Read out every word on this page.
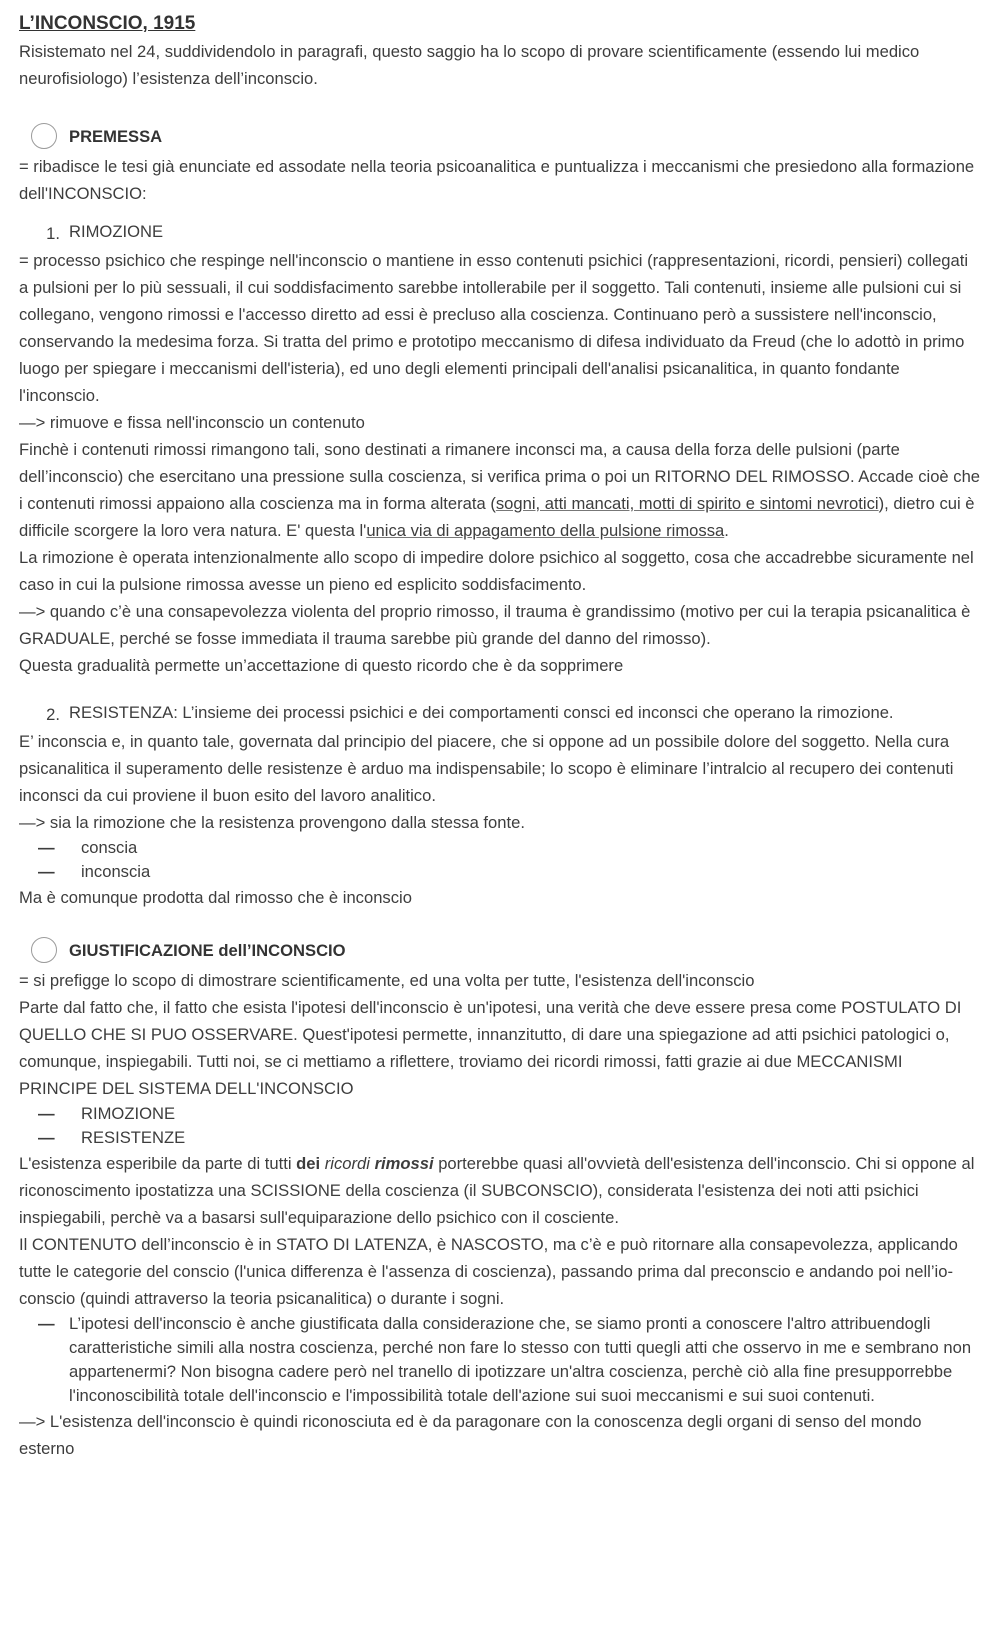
L’INCONSCIO, 1915

Risistemato nel 24, suddividendolo in paragrafi, questo saggio ha lo scopo di provare scientificamente (essendo lui medico neurofisiologo) l’esistenza dell’inconscio.

PREMESSA

= ribadisce le tesi già enunciate ed assodate nella teoria psicoanalitica e puntualizza i meccanismi che presiedono alla formazione dell'INCONSCIO:

1. RIMOZIONE

= processo psichico che respinge nell'inconscio o mantiene in esso contenuti psichici (rappresentazioni, ricordi, pensieri) collegati a pulsioni per lo più sessuali, il cui soddisfacimento sarebbe intollerabile per il soggetto. Tali contenuti, insieme alle pulsioni cui si collegano, vengono rimossi e l'accesso diretto ad essi è precluso alla coscienza. Continuano però a sussistere nell'inconscio, conservando la medesima forza. Si tratta del primo e prototipo meccanismo di difesa individuato da Freud (che lo adottò in primo luogo per spiegare i meccanismi dell'isteria), ed uno degli elementi principali dell'analisi psicanalitica, in quanto fondante l'inconscio.

—> rimuove e fissa nell'inconscio un contenuto

Finchè i contenuti rimossi rimangono tali, sono destinati a rimanere inconsci ma, a causa della forza delle pulsioni (parte dell’inconscio) che esercitano una pressione sulla coscienza, si verifica prima o poi un RITORNO DEL RIMOSSO. Accade cioè che i contenuti rimossi appaiono alla coscienza ma in forma alterata (sogni, atti mancati, motti di spirito e sintomi nevrotici), dietro cui è difficile scorgere la loro vera natura. E' questa l'unica via di appagamento della pulsione rimossa.

La rimozione è operata intenzionalmente allo scopo di impedire dolore psichico al soggetto, cosa che accadrebbe sicuramente nel caso in cui la pulsione rimossa avesse un pieno ed esplicito soddisfacimento.

—> quando c’è una consapevolezza violenta del proprio rimosso, il trauma è grandissimo (motivo per cui la terapia psicanalitica è GRADUALE, perché se fosse immediata il trauma sarebbe più grande del danno del rimosso).

Questa gradualità permette un’accettazione di questo ricordo che è da sopprimere

2. RESISTENZA: L’insieme dei processi psichici e dei comportamenti consci ed inconsci che operano la rimozione.

E’ inconscia e, in quanto tale, governata dal principio del piacere, che si oppone ad un possibile dolore del soggetto. Nella cura psicanalitica il superamento delle resistenze è arduo ma indispensabile; lo scopo è eliminare l’intralcio al recupero dei contenuti inconsci da cui proviene il buon esito del lavoro analitico.

—> sia la rimozione che la resistenza provengono dalla stessa fonte.

—	conscia
—	inconscia

Ma è comunque prodotta dal rimosso che è inconscio

GIUSTIFICAZIONE dell’INCONSCIO

= si prefigge lo scopo di dimostrare scientificamente, ed una volta per tutte, l'esistenza dell'inconscio

Parte dal fatto che, il fatto che esista l'ipotesi dell'inconscio è un'ipotesi, una verità che deve essere presa come POSTULATO DI QUELLO CHE SI PUO OSSERVARE. Quest'ipotesi permette, innanzitutto, di dare una spiegazione ad atti psichici patologici o, comunque, inspiegabili. Tutti noi, se ci mettiamo a riflettere, troviamo dei ricordi rimossi, fatti grazie ai due MECCANISMI PRINCIPE DEL SISTEMA DELL'INCONSCIO

—	RIMOZIONE
—	RESISTENZE

L'esistenza esperibile da parte di tutti dei ricordi rimossi porterebbe quasi all'ovvietà dell'esistenza dell'inconscio. Chi si oppone al riconoscimento ipostatizza una SCISSIONE della coscienza (il SUBCONSCIO), considerata l'esistenza dei noti atti psichici inspiegabili, perchè va a basarsi sull'equiparazione dello psichico con il cosciente.

Il CONTENUTO dell’inconscio è in STATO DI LATENZA, è NASCOSTO, ma c’è e può ritornare alla consapevolezza, applicando tutte le categorie del conscio (l'unica differenza è l'assenza di coscienza), passando prima dal preconscio e andando poi nell’io-conscio (quindi attraverso la teoria psicanalitica) o durante i sogni.

— L’ipotesi dell'inconscio è anche giustificata dalla considerazione che, se siamo pronti a conoscere l'altro attribuendogli caratteristiche simili alla nostra coscienza, perché non fare lo stesso con tutti quegli atti che osservo in me e sembrano non appartenermi? Non bisogna cadere però nel tranello di ipotizzare un'altra coscienza, perchè ciò alla fine presupporrebbe l'inconoscibilità totale dell'inconscio e l'impossibilità totale dell'azione sui suoi meccanismi e sui suoi contenuti.

—> L'esistenza dell'inconscio è quindi riconosciuta ed è da paragonare con la conoscenza degli organi di senso del mondo esterno
